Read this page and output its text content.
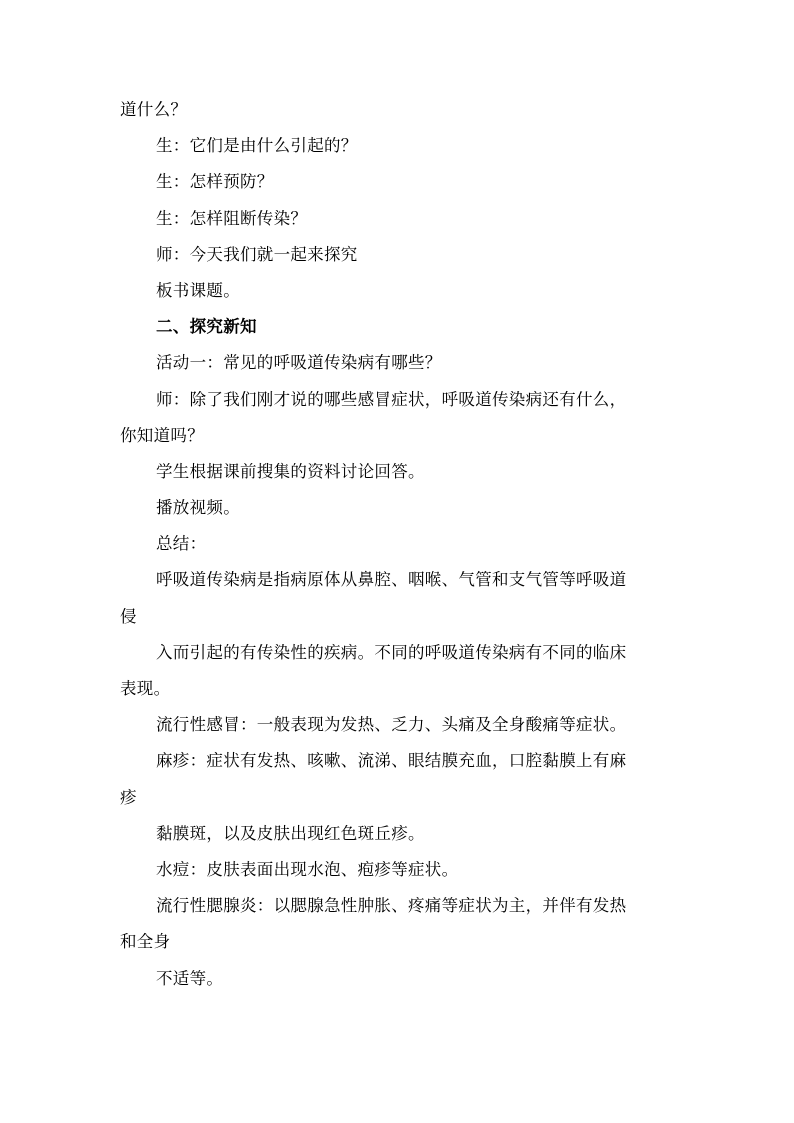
道什么？
生：它们是由什么引起的？
生：怎样预防？
生：怎样阻断传染？
师：今天我们就一起来探究
板书课题。
二、探究新知
活动一：常见的呼吸道传染病有哪些？
师：除了我们刚才说的哪些感冒症状，呼吸道传染病还有什么，
你知道吗？
学生根据课前搜集的资料讨论回答。
播放视频。
总结：
呼吸道传染病是指病原体从鼻腔、咽喉、气管和支气管等呼吸道
侵
入而引起的有传染性的疾病。不同的呼吸道传染病有不同的临床
表现。
流行性感冒：一般表现为发热、乏力、头痛及全身酸痛等症状。
麻疹：症状有发热、咳嗽、流涕、眼结膜充血，口腔黏膜上有麻
疹
黏膜斑，以及皮肤出现红色斑丘疹。
水痘：皮肤表面出现水泡、疱疹等症状。
流行性腮腺炎：以腮腺急性肿胀、疼痛等症状为主，并伴有发热
和全身
不适等。
